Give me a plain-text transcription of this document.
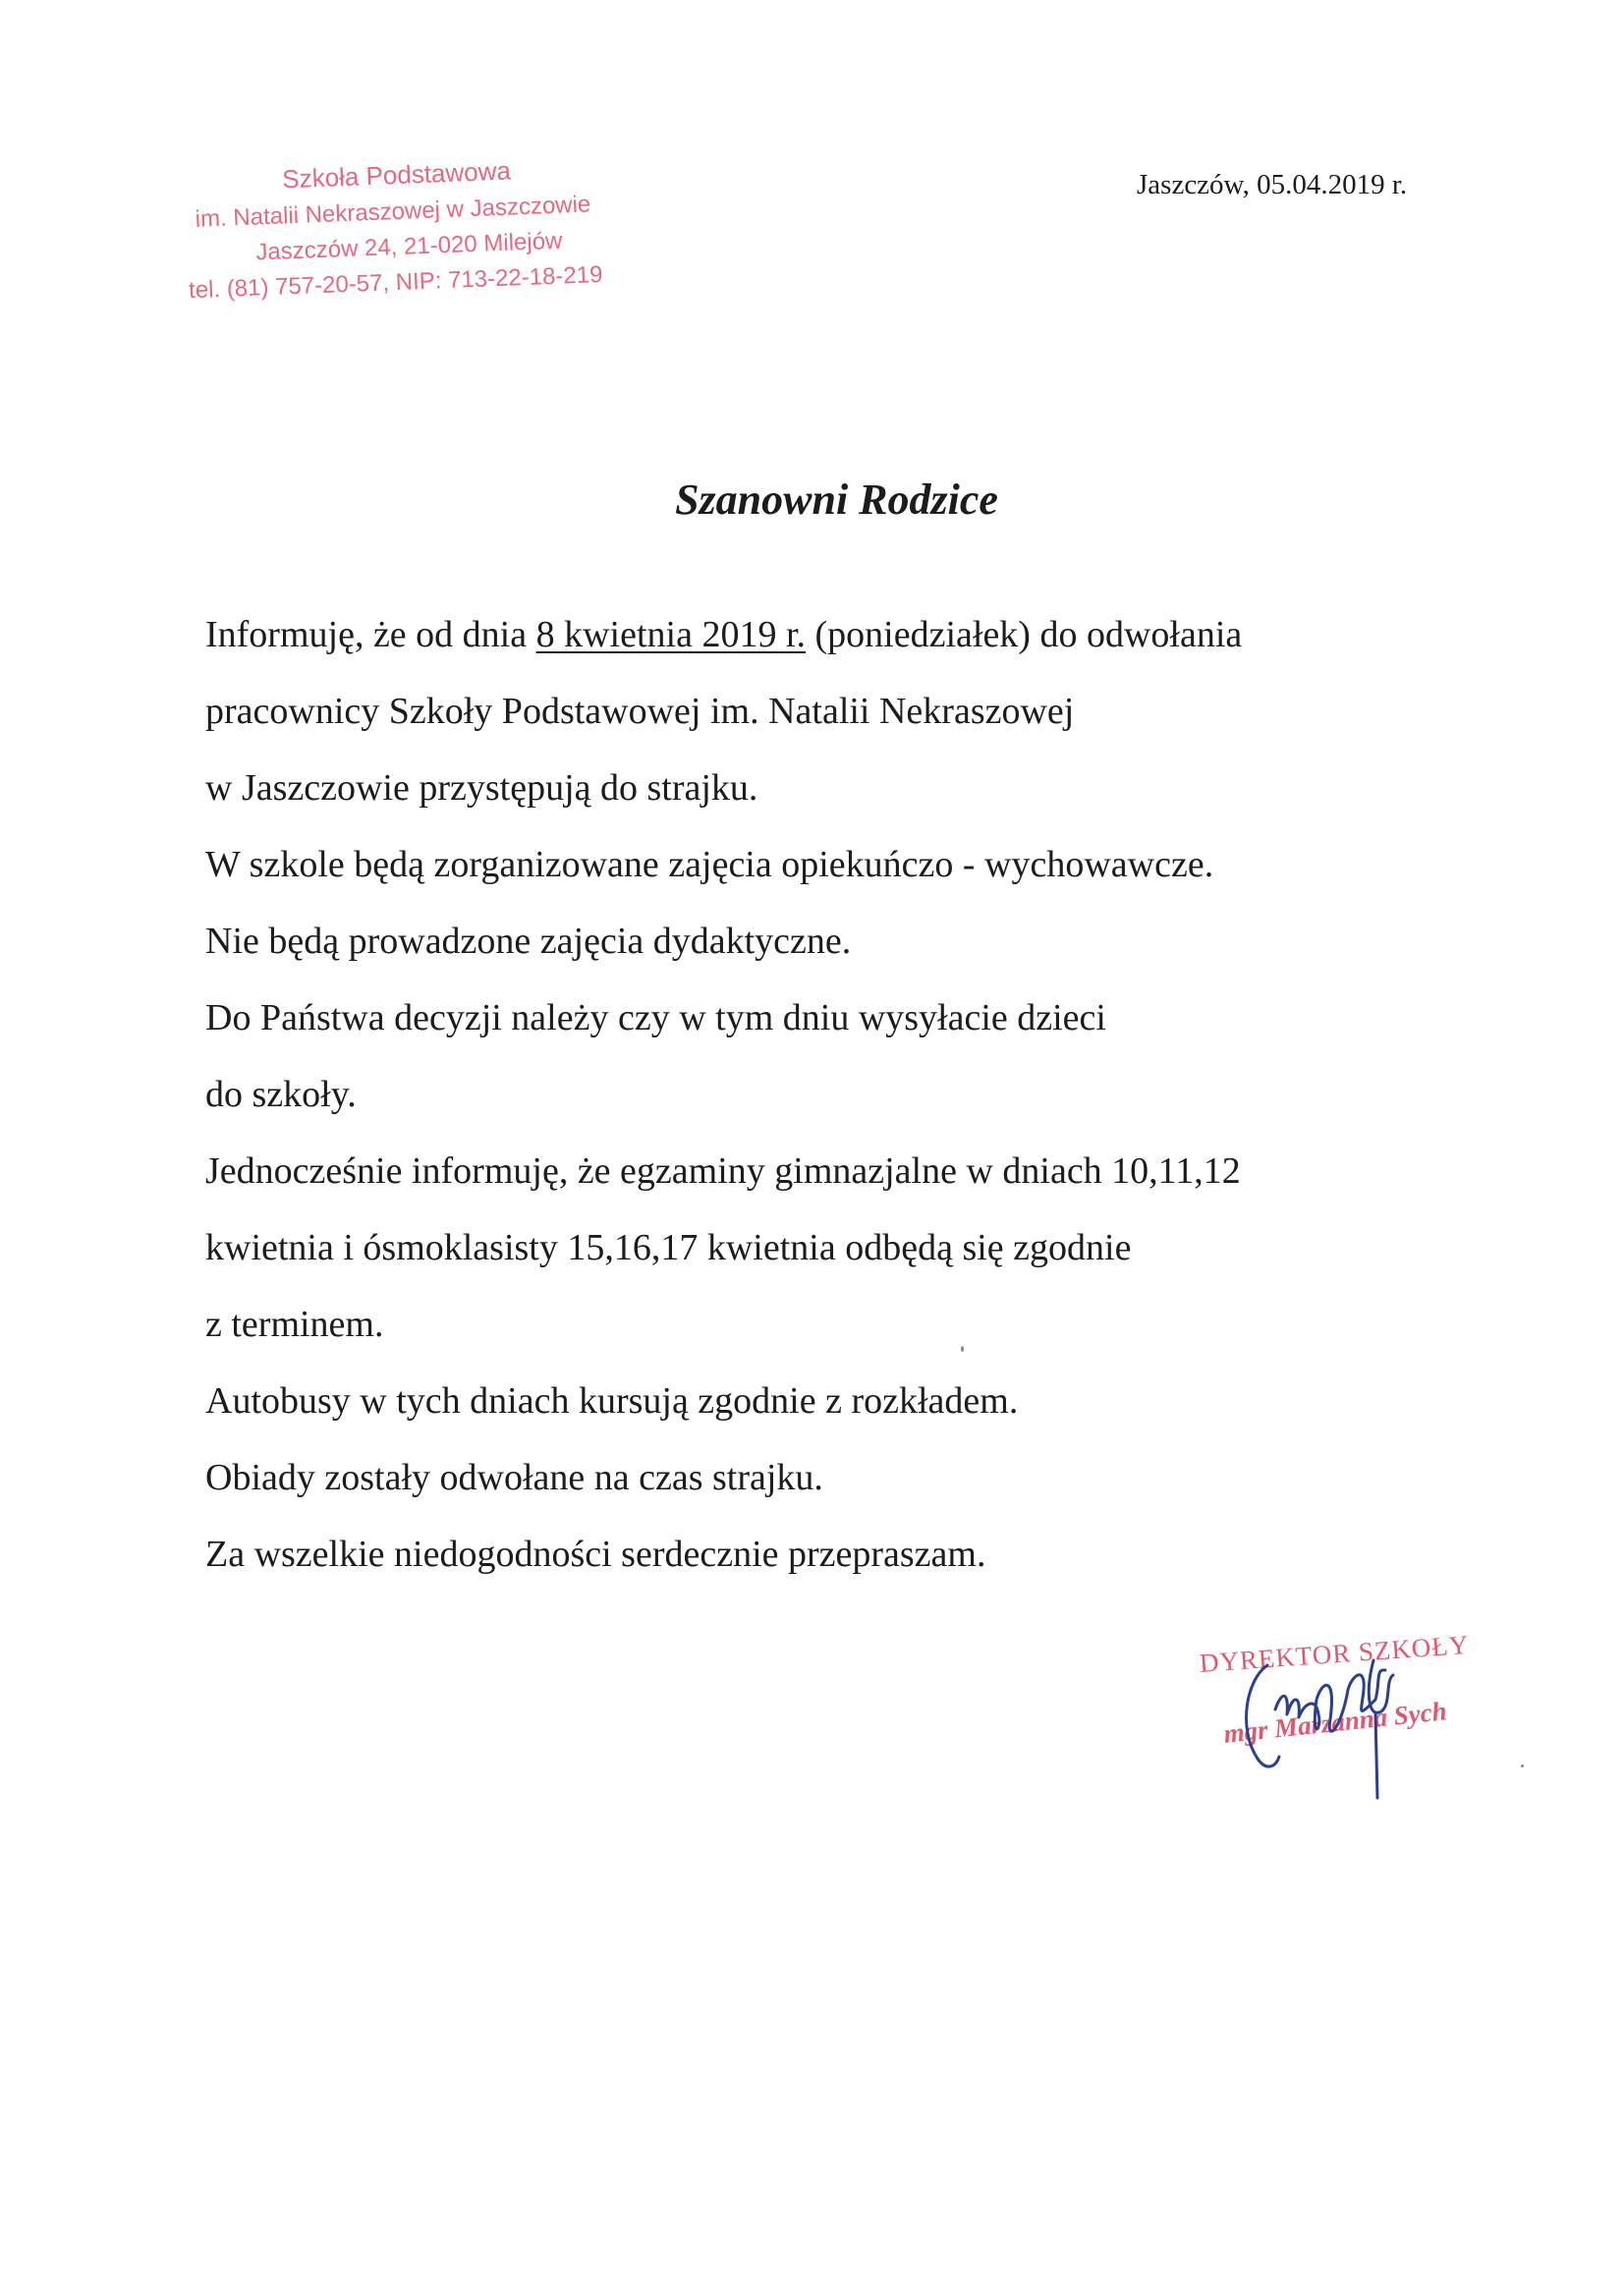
Szkoła Podstawowa
im. Natalii Nekraszowej w Jaszczowie
Jaszczów 24, 21-020 Milejów
tel. (81) 757-20-57, NIP: 713-22-18-219
Jaszczów, 05.04.2019 r.
Szanowni Rodzice

Informuję, że od dnia 8 kwietnia 2019 r. (poniedziałek) do odwołania

pracownicy Szkoły Podstawowej im. Natalii Nekraszowej

w Jaszczowie przystępują do strajku.

W szkole będą zorganizowane zajęcia opiekuńczo - wychowawcze.

Nie będą prowadzone zajęcia dydaktyczne.

Do Państwa decyzji należy czy w tym dniu wysyłacie dzieci

do szkoły.

Jednocześnie informuję, że egzaminy gimnazjalne w dniach 10,11,12

kwietnia i ósmoklasisty 15,16,17 kwietnia odbędą się zgodnie

z terminem.

Autobusy w tych dniach kursują zgodnie z rozkładem.

Obiady zostały odwołane na czas strajku.

Za wszelkie niedogodności serdecznie przepraszam.

DYREKTOR SZKOŁY
mgr Marzanna Sych
